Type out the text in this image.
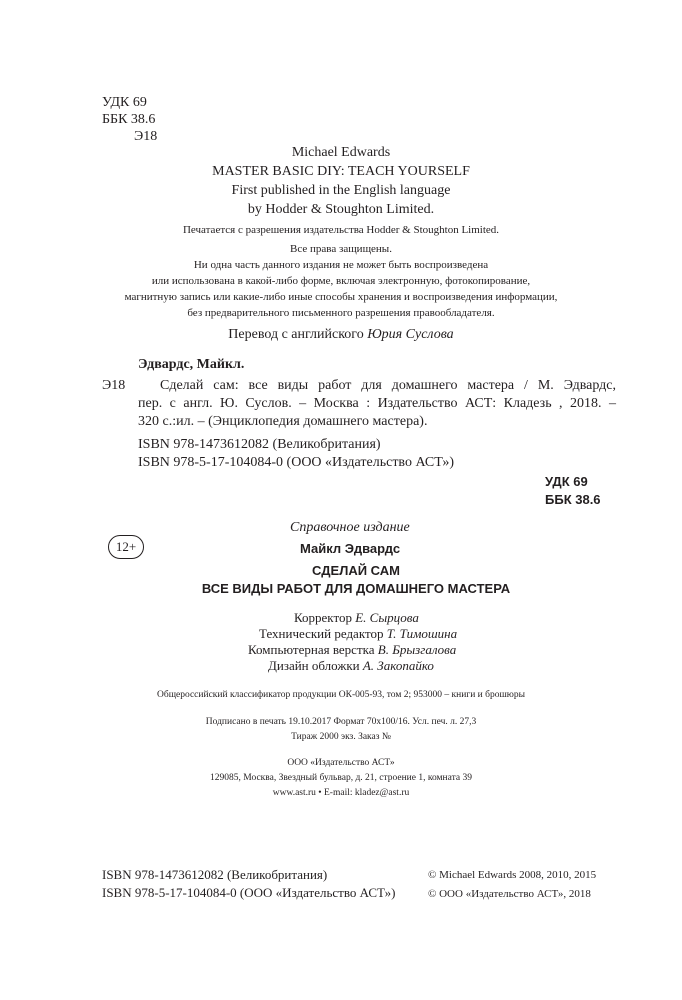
УДК 69
ББК 38.6
Э18
Michael Edwards
MASTER BASIC DIY: TEACH YOURSELF
First published in the English language
by Hodder & Stoughton Limited.
Печатается с разрешения издательства Hodder & Stoughton Limited.
Все права защищены.
Ни одна часть данного издания не может быть воспроизведена
или использована в какой-либо форме, включая электронную, фотокопирование,
магнитную запись или какие-либо иные способы хранения и воспроизведения информации,
без предварительного письменного разрешения правообладателя.
Перевод с английского Юрия Суслова
Эдвардс, Майкл.
Э18 Сделай сам: все виды работ для домашнего мастера / М. Эдвардс,
пер. с англ. Ю. Суслов. – Москва : Издательство АСТ: Кладезь , 2018. –
320 с.:ил. – (Энциклопедия домашнего мастера).
ISBN 978-1473612082 (Великобритания)
ISBN 978-5-17-104084-0 (ООО «Издательство АСТ»)
УДК 69
ББК 38.6
Справочное издание
12+	Майкл Эдвардс
СДЕЛАЙ САМ
ВСЕ ВИДЫ РАБОТ ДЛЯ ДОМАШНЕГО МАСТЕРА
Корректор Е. Сырцова
Технический редактор Т. Тимошина
Компьютерная верстка В. Брызгалова
Дизайн обложки А. Закопайко
Общероссийский классификатор продукции ОК-005-93, том 2; 953000 – книги и брошюры
Подписано в печать 19.10.2017 Формат 70х100/16. Усл. печ. л. 27,3
Тираж 2000 экз. Заказ №
ООО «Издательство АСТ»
129085, Москва, Звездный бульвар, д. 21, строение 1, комната 39
www.ast.ru • E-mail: kladez@ast.ru
ISBN 978-1473612082 (Великобритания)
ISBN 978-5-17-104084-0 (ООО «Издательство АСТ»)
© Michael Edwards 2008, 2010, 2015
© ООО «Издательство АСТ», 2018
